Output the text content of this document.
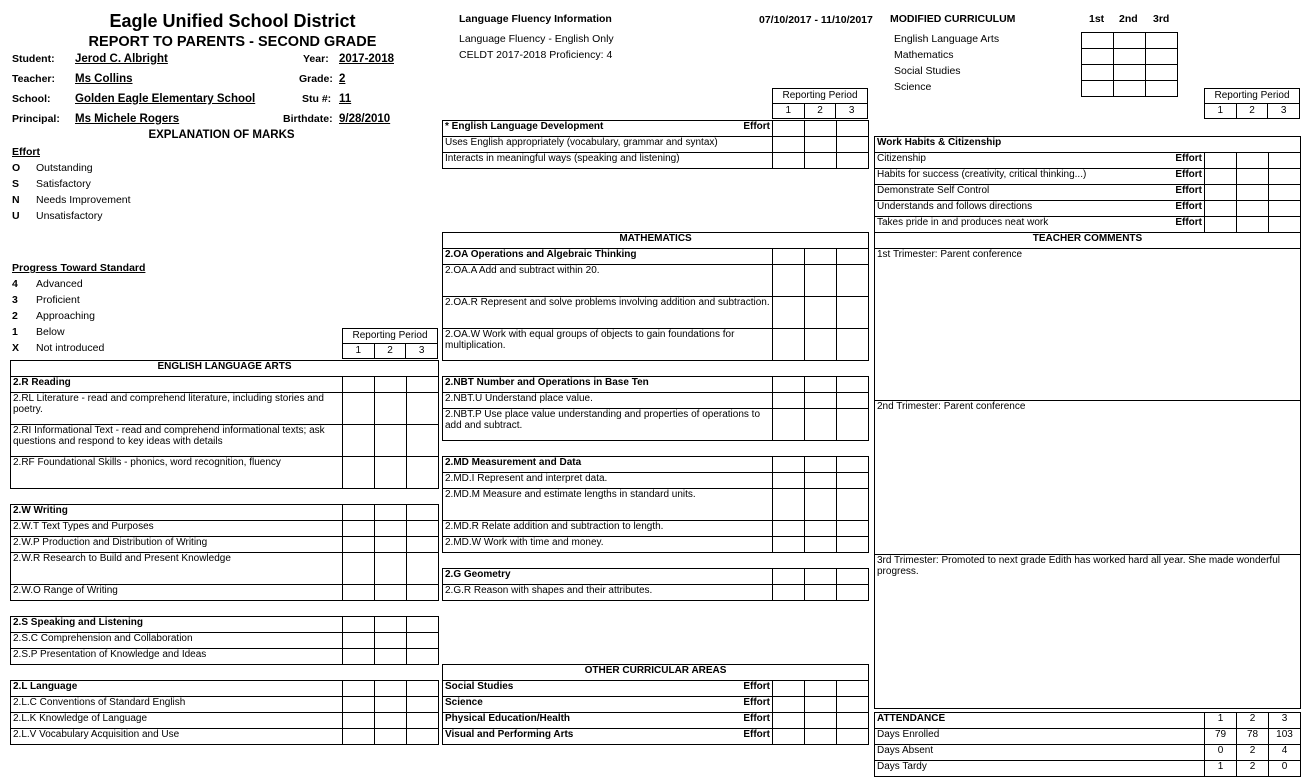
Eagle Unified School District
REPORT TO PARENTS - SECOND GRADE
Student: Jerod C. Albright	Year: 2017-2018
Teacher: Ms Collins	Grade: 2
School: Golden Eagle Elementary School	Stu #: 11
Principal: Ms Michele Rogers	Birthdate: 9/28/2010
EXPLANATION OF MARKS
Effort
O Outstanding
S Satisfactory
N Needs Improvement
U Unsatisfactory
Progress Toward Standard
4 Advanced
3 Proficient
2 Approaching
1 Below
X Not introduced
Reporting Period
1	2	3
ENGLISH LANGUAGE ARTS			
2.R Reading			
2.RL Literature - read and comprehend literature, including stories and poetry.			
2.RI Informational Text - read and comprehend informational texts; ask questions and respond to key ideas with details			
2.RF Foundational Skills - phonics, word recognition, fluency			

2.W Writing			
2.W.T Text Types and Purposes			
2.W.P Production and Distribution of Writing			
2.W.R Research to Build and Present Knowledge			
2.W.O Range of Writing			

2.S Speaking and Listening			
2.S.C Comprehension and Collaboration			
2.S.P Presentation of Knowledge and Ideas			

2.L Language			
2.L.C Conventions of Standard English			
2.L.K Knowledge of Language			
2.L.V Vocabulary Acquisition and Use			
Language Fluency Information	07/10/2017 - 11/10/2017
Language Fluency - English Only
CELDT 2017-2018 Proficiency: 4
Reporting Period
1	2	3
* English Language Development Effort			

Uses English appropriately (vocabulary, grammar and syntax)			
Interacts in meaningful ways (speaking and listening)			
MATHEMATICS			
2.OA Operations and Algebraic Thinking			
2.OA.A Add and subtract within 20.			
2.OA.R Represent and solve problems involving addition and subtraction.			
2.OA.W Work with equal groups of objects to gain foundations for multiplication.			

2.NBT Number and Operations in Base Ten			
2.NBT.U Understand place value.			
2.NBT.P Use place value understanding and properties of operations to add and subtract.			

2.MD Measurement and Data			
2.MD.I Represent and interpret data.			
2.MD.M Measure and estimate lengths in standard units.			
2.MD.R Relate addition and subtraction to length.			
2.MD.W Work with time and money.			

2.G Geometry			
2.G.R Reason with shapes and their attributes.			
OTHER CURRICULAR AREAS			
Social Studies Effort			

Science Effort			

Physical Education/Health Effort			

Visual and Performing Arts Effort			

MODIFIED CURRICULUM	1st 2nd 3rd
English Language Arts
Mathematics
Social Studies
Science

Reporting Period
1	2	3
Work Habits & Citizenship			
Citizenship Effort			

Habits for success (creativity, critical thinking...) Effort			

Demonstrate Self Control Effort			

Understands and follows directions Effort			

Takes pride in and produces neat work Effort			

TEACHER COMMENTS
1st Trimester: Parent conference
2nd Trimester: Parent conference
3rd Trimester: Promoted to next grade Edith has worked hard all year. She made wonderful progress.
ATTENDANCE	1	2	3
Days Enrolled	79	78	103
Days Absent	0	2	4
Days Tardy	1	2	0
